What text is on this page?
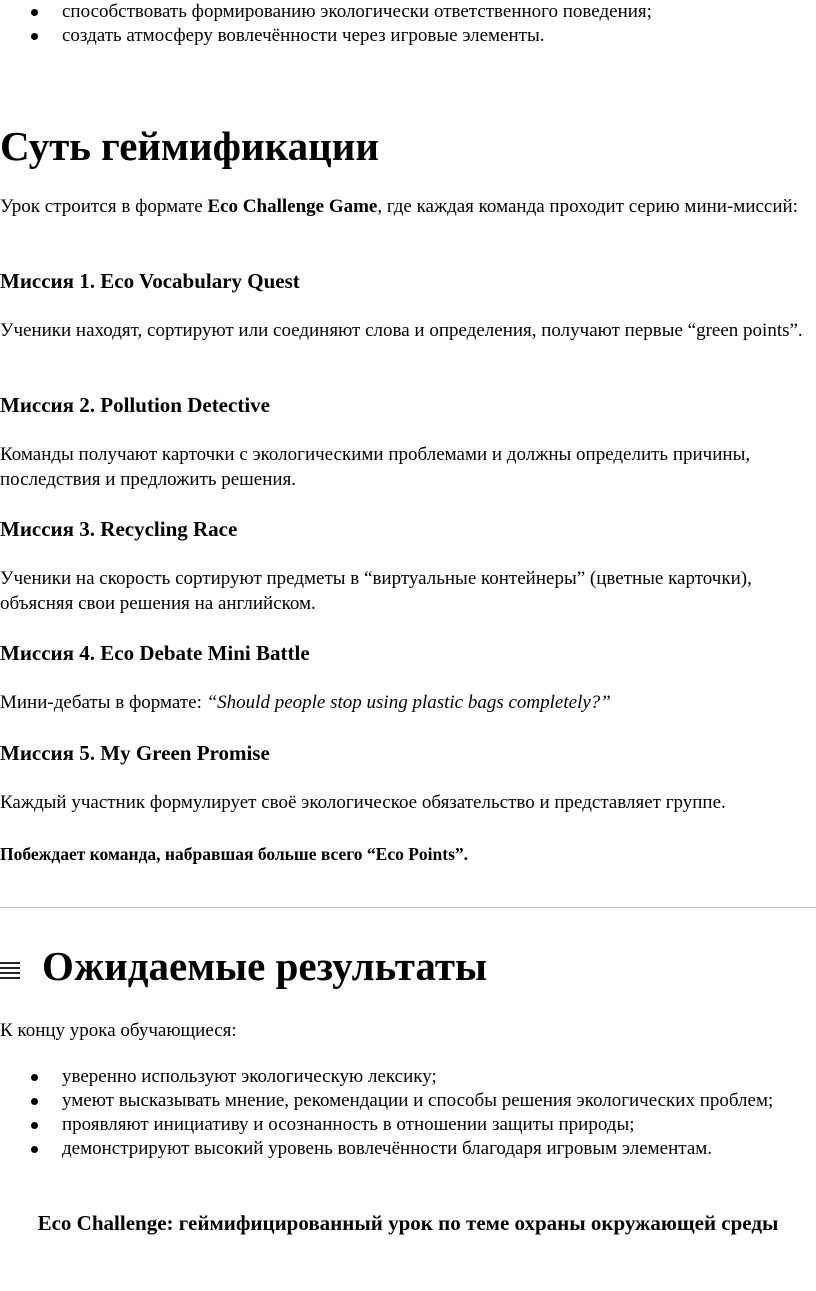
способствовать формированию экологически ответственного поведения;
создать атмосферу вовлечённости через игровые элементы.
Суть геймификации

Урок строится в формате Eco Challenge Game, где каждая команда проходит серию мини-миссий:

Миссия 1. Eco Vocabulary Quest

Ученики находят, сортируют или соединяют слова и определения, получают первые “green points”.

Миссия 2. Pollution Detective

Команды получают карточки с экологическими проблемами и должны определить причины, последствия и предложить решения.

Миссия 3. Recycling Race

Ученики на скорость сортируют предметы в “виртуальные контейнеры” (цветные карточки), объясняя свои решения на английском.

Миссия 4. Eco Debate Mini Battle

Мини-дебаты в формате: “Should people stop using plastic bags completely?”

Миссия 5. My Green Promise

Каждый участник формулирует своё экологическое обязательство и представляет группе.

Побеждает команда, набравшая больше всего “Eco Points”.

Ожидаемые результаты

К концу урока обучающиеся:

уверенно используют экологическую лексику;
умеют высказывать мнение, рекомендации и способы решения экологических проблем;
проявляют инициативу и осознанность в отношении защиты природы;
демонстрируют высокий уровень вовлечённости благодаря игровым элементам.

Eco Challenge: геймифицированный урок по теме охраны окружающей среды
